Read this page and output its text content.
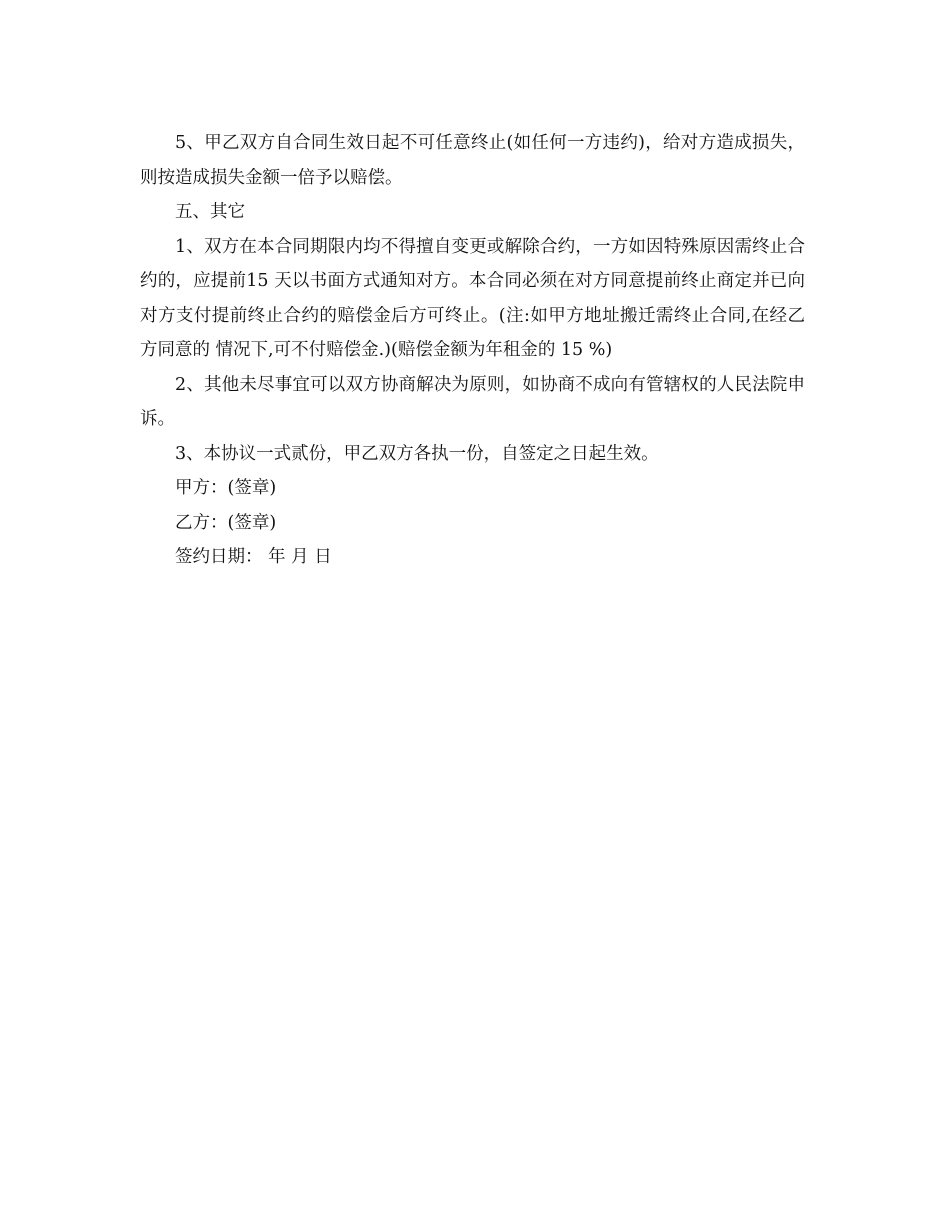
5、甲乙双方自合同生效日起不可任意终止(如任何一方违约)，给对方造成损失，则按造成损失金额一倍予以赔偿。

五、其它

1、双方在本合同期限内均不得擅自变更或解除合约，一方如因特殊原因需终止合约的，应提前15 天以书面方式通知对方。本合同必须在对方同意提前终止商定并已向对方支付提前终止合约的赔偿金后方可终止。(注:如甲方地址搬迁需终止合同,在经乙方同意的 情况下,可不付赔偿金.)(赔偿金额为年租金的 15 %)

2、其他未尽事宜可以双方协商解决为原则，如协商不成向有管辖权的人民法院申诉。

3、本协议一式贰份，甲乙双方各执一份，自签定之日起生效。

甲方：(签章)

乙方：(签章)

签约日期： 年 月 日
